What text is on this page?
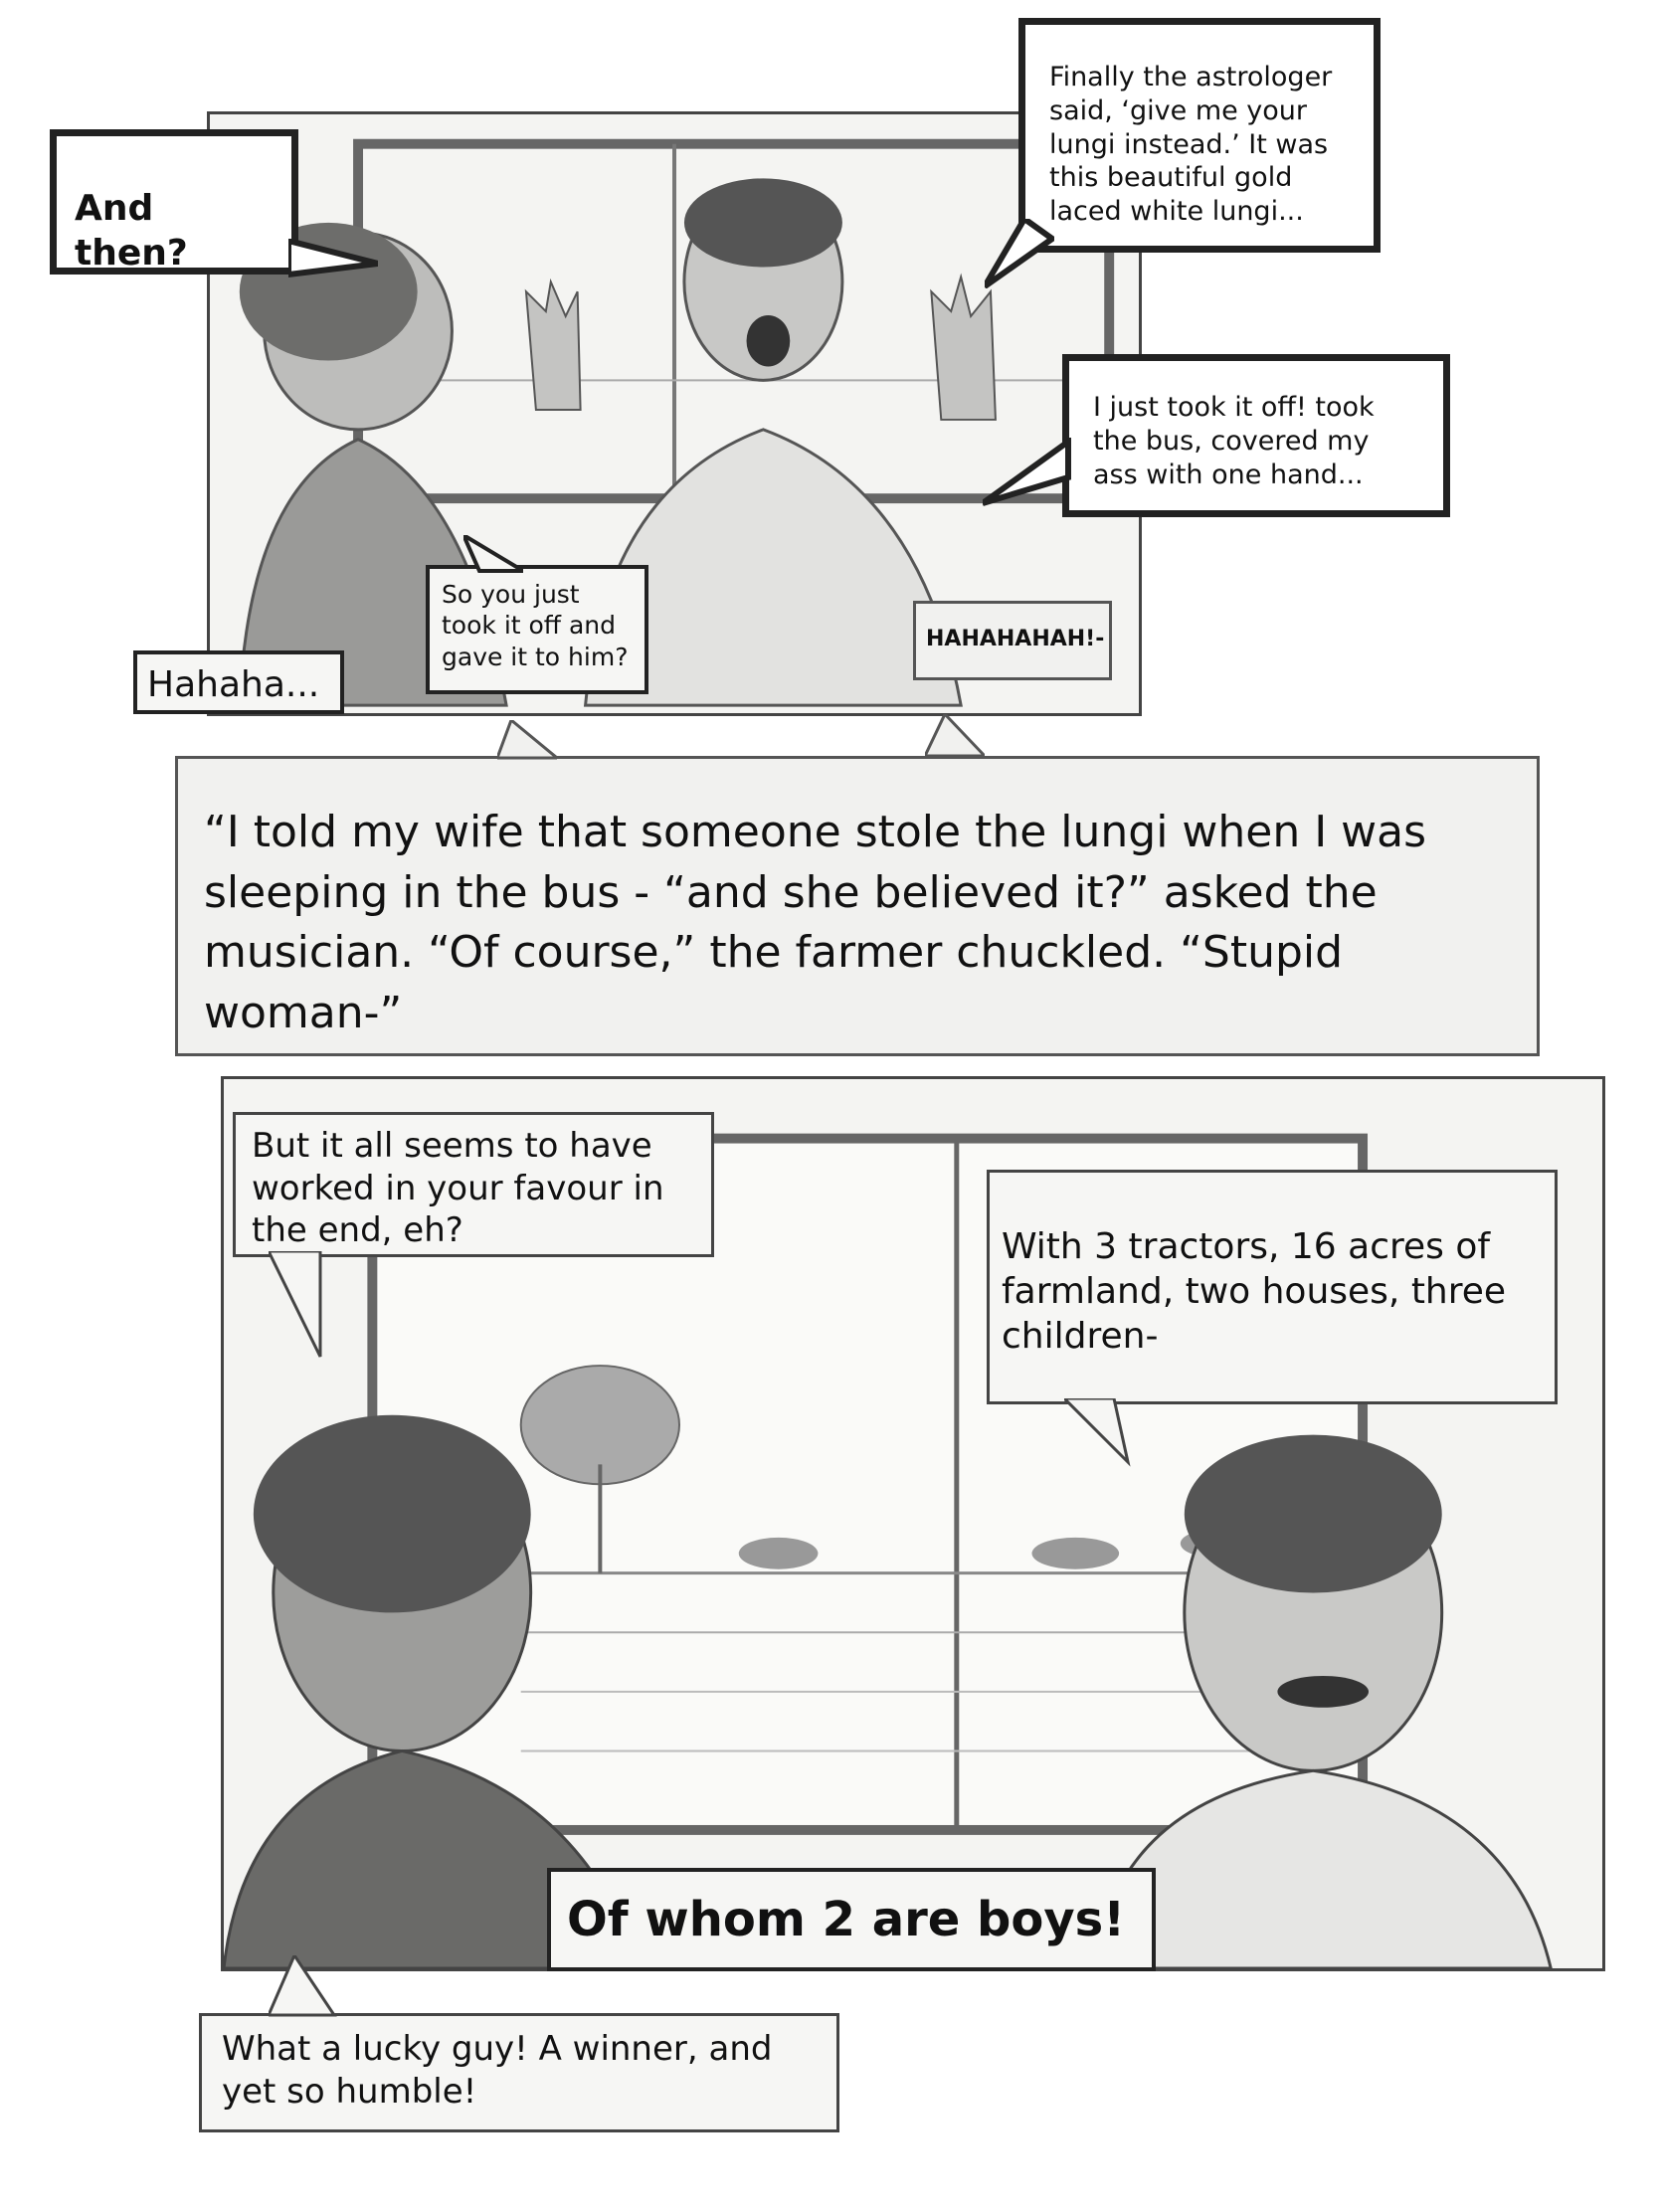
And then?
Finally the astrologer said, ‘give me your lungi instead.’ It was this beautiful gold laced white lungi...
I just took it off! took the bus, covered my ass with one hand...
So you just took it off and gave it to him?
Hahaha...
HAHAHAHAH!-
“I told my wife that someone stole the lungi when I was sleeping in the bus - “and she believed it?” asked the musician. “Of course,” the farmer chuckled. “Stupid woman-”
But it all seems to have worked in your favour in the end, eh?	With 3 tractors, 16 acres of farmland, two houses, three children-
Of whom 2 are boys!
What a lucky guy! A winner, and yet so humble!
